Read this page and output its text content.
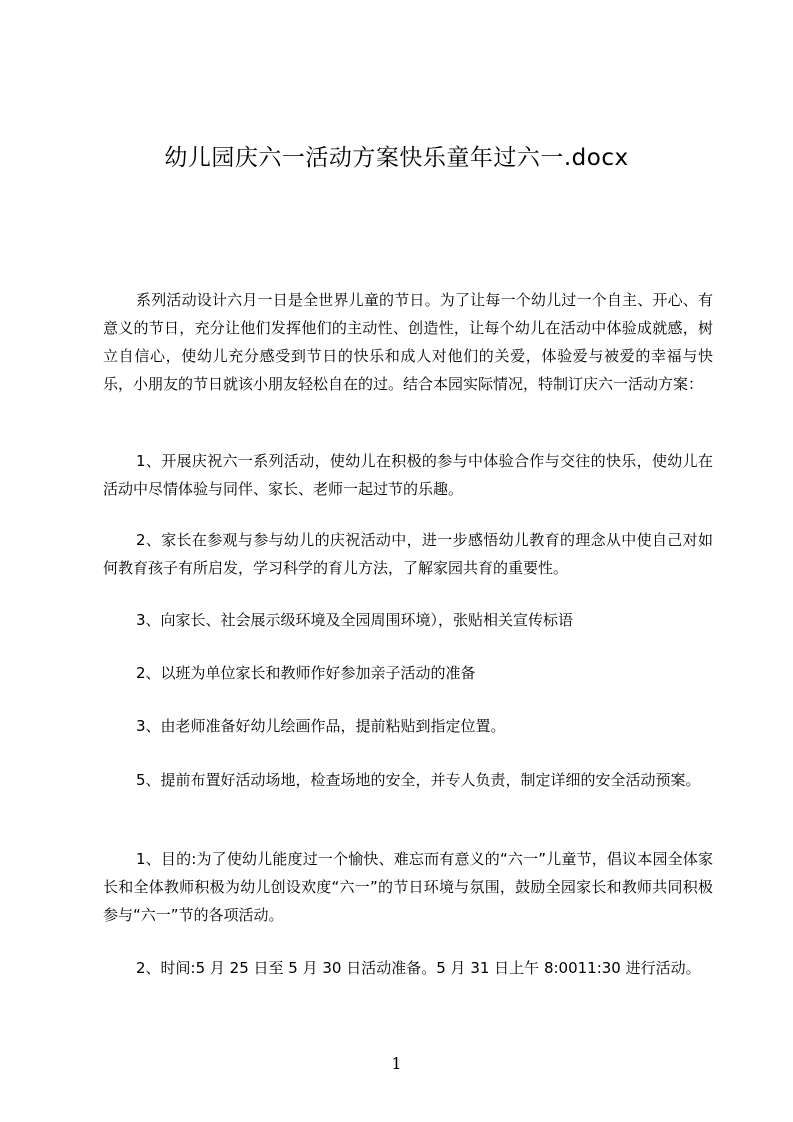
幼儿园庆六一活动方案快乐童年过六一.docx

系列活动设计六月一日是全世界儿童的节日。为了让每一个幼儿过一个自主、开心、有意义的节日，充分让他们发挥他们的主动性、创造性，让每个幼儿在活动中体验成就感，树立自信心，使幼儿充分感受到节日的快乐和成人对他们的关爱，体验爱与被爱的幸福与快乐，小朋友的节日就该小朋友轻松自在的过。结合本园实际情况，特制订庆六一活动方案：

1、开展庆祝六一系列活动，使幼儿在积极的参与中体验合作与交往的快乐，使幼儿在活动中尽情体验与同伴、家长、老师一起过节的乐趣。

2、家长在参观与参与幼儿的庆祝活动中，进一步感悟幼儿教育的理念从中使自己对如何教育孩子有所启发，学习科学的育儿方法，了解家园共育的重要性。

3、向家长、社会展示级环境及全园周围环境），张贴相关宣传标语

2、以班为单位家长和教师作好参加亲子活动的准备

3、由老师准备好幼儿绘画作品，提前粘贴到指定位置。

5、提前布置好活动场地，检查场地的安全，并专人负责，制定详细的安全活动预案。

1、目的:为了使幼儿能度过一个愉快、难忘而有意义的“六一”儿童节，倡议本园全体家长和全体教师积极为幼儿创设欢度“六一”的节日环境与氛围，鼓励全园家长和教师共同积极参与“六一”节的各项活动。

2、时间:5 月 25 日至 5 月 30 日活动准备。5 月 31 日上午 8:0011:30 进行活动。

1
